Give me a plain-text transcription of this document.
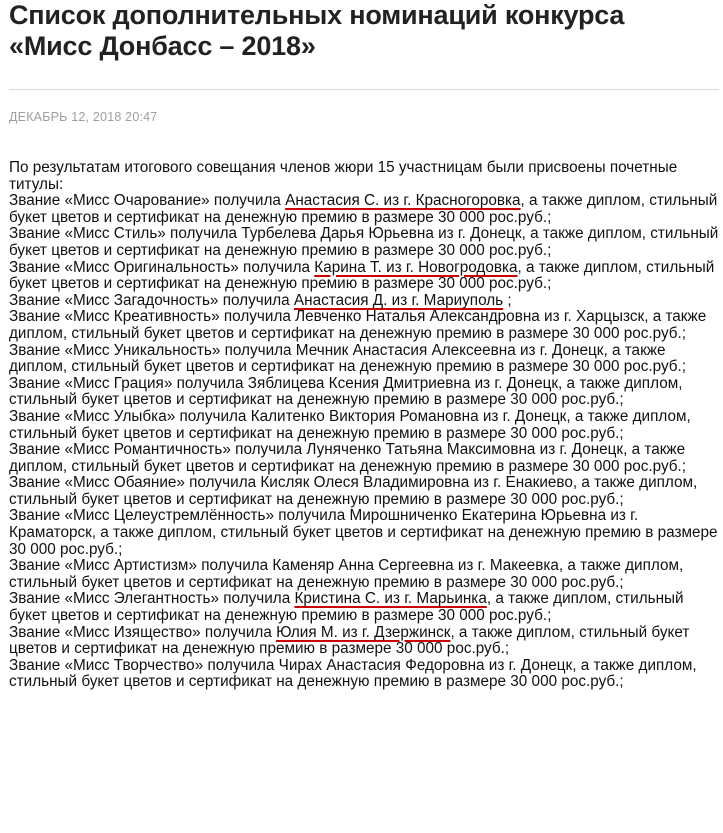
Список дополнительных номинаций конкурса «Мисс Донбасс – 2018»
ДЕКАБРЬ 12, 2018 20:47

По результатам итогового совещания членов жюри 15 участницам были присвоены почетные титулы:

Звание «Мисс Очарование» получила Анастасия С. из г. Красногоровка, а также диплом, стильный букет цветов и сертификат на денежную премию в размере 30 000 рос.руб.;

Звание «Мисс Стиль» получила Турбелева Дарья Юрьевна из г. Донецк, а также диплом, стильный букет цветов и сертификат на денежную премию в размере 30 000 рос.руб.;

Звание «Мисс Оригинальность» получила Карина Т. из г. Новогродовка, а также диплом, стильный букет цветов и сертификат на денежную премию в размере 30 000 рос.руб.;

Звание «Мисс Загадочность» получила Анастасия Д. из г. Мариуполь ;

Звание «Мисс Креативность» получила Левченко Наталья Александровна из г. Харцызск, а также диплом, стильный букет цветов и сертификат на денежную премию в размере 30 000 рос.руб.;

Звание «Мисс Уникальность» получила Мечник Анастасия Алексеевна из г. Донецк, а также диплом, стильный букет цветов и сертификат на денежную премию в размере 30 000 рос.руб.;

Звание «Мисс Грация» получила Зяблицева Ксения Дмитриевна из г. Донецк, а также диплом, стильный букет цветов и сертификат на денежную премию в размере 30 000 рос.руб.;

Звание «Мисс Улыбка» получила Калитенко Виктория Романовна из г. Донецк, а также диплом, стильный букет цветов и сертификат на денежную премию в размере 30 000 рос.руб.;

Звание «Мисс Романтичность» получила Луняченко Татьяна Максимовна из г. Донецк, а также диплом, стильный букет цветов и сертификат на денежную премию в размере 30 000 рос.руб.;

Звание «Мисс Обаяние» получила Кисляк Олеся Владимировна из г. Енакиево, а также диплом, стильный букет цветов и сертификат на денежную премию в размере 30 000 рос.руб.;

Звание «Мисс Целеустремлённость» получила Мирошниченко Екатерина Юрьевна из г. Краматорск, а также диплом, стильный букет цветов и сертификат на денежную премию в размере 30 000 рос.руб.;

Звание «Мисс Артистизм» получила Каменяр Анна Сергеевна из г. Макеевка, а также диплом, стильный букет цветов и сертификат на денежную премию в размере 30 000 рос.руб.;

Звание «Мисс Элегантность» получила Кристина С. из г. Марьинка, а также диплом, стильный букет цветов и сертификат на денежную премию в размере 30 000 рос.руб.;

Звание «Мисс Изящество» получила Юлия М. из г. Дзержинск, а также диплом, стильный букет цветов и сертификат на денежную премию в размере 30 000 рос.руб.;

Звание «Мисс Творчество» получила Чирах Анастасия Федоровна из г. Донецк, а также диплом, стильный букет цветов и сертификат на денежную премию в размере 30 000 рос.руб.;
